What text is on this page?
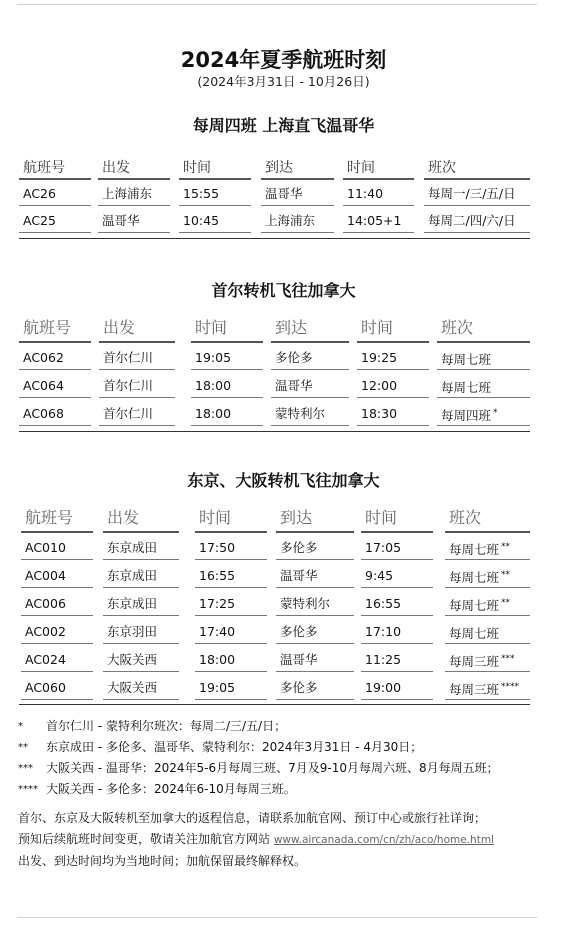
2024年夏季航班时刻
(2024年3月31日 - 10月26日)
每周四班 上海直飞温哥华
航班号	出发	时间	到达	时间	班次
AC26	上海浦东	15:55	温哥华	11:40	每周一/三/五/日
AC25	温哥华	10:45	上海浦东	14:05+1	每周二/四/六/日
首尔转机飞往加拿大
航班号	出发	时间	到达	时间	班次
AC062	首尔仁川	19:05	多伦多	19:25	每周七班
AC064	首尔仁川	18:00	温哥华	12:00	每周七班
AC068	首尔仁川	18:00	蒙特利尔	18:30	每周四班 *
东京、大阪转机飞往加拿大
航班号	出发	时间	到达	时间	班次
AC010	东京成田	17:50	多伦多	17:05	每周七班 **
AC004	东京成田	16:55	温哥华	9:45	每周七班 **
AC006	东京成田	17:25	蒙特利尔	16:55	每周七班 **
AC002	东京羽田	17:40	多伦多	17:10	每周七班
AC024	大阪关西	18:00	温哥华	11:25	每周三班 ***
AC060	大阪关西	19:05	多伦多	19:00	每周三班 ****
*	首尔仁川 - 蒙特利尔班次：每周二/三/五/日；
**	东京成田 - 多伦多、温哥华、蒙特利尔：2024年3月31日 - 4月30日；
***	大阪关西 - 温哥华：2024年5-6月每周三班、7月及9-10月每周六班、8月每周五班；
**** 大阪关西 - 多伦多：2024年6-10月每周三班。
首尔、东京及大阪转机至加拿大的返程信息，请联系加航官网、预订中心或旅行社详询；
预知后续航班时间变更，敬请关注加航官方网站 www.aircanada.com/cn/zh/aco/home.html
出发、到达时间均为当地时间；加航保留最终解释权。
